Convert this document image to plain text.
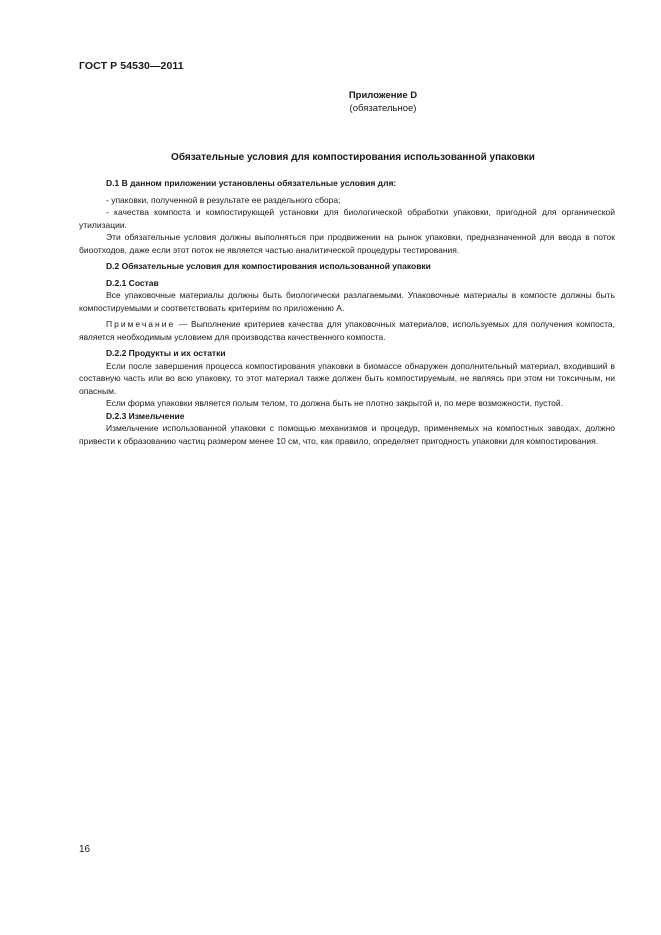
ГОСТ Р 54530—2011
Приложение D
(обязательное)
Обязательные условия для компостирования использованной упаковки

D.1 В данном приложении установлены обязательные условия для:

- упаковки, полученной в результате ее раздельного сбора;

- качества компоста и компостирующей установки для биологической обработки упаковки, пригодной для органической утилизации.

Эти обязательные условия должны выполняться при продвижении на рынок упаковки, предназначенной для ввода в поток биоотходов, даже если этот поток не является частью аналитической процедуры тестирования.

D.2 Обязательные условия для компостирования использованной упаковки

D.2.1 Состав

Все упаковочные материалы должны быть биологически разлагаемыми. Упаковочные материалы в компосте должны быть компостируемыми и соответствовать критериям по приложению А.

Примечание — Выполнение критериев качества для упаковочных материалов, используемых для получения компоста, является необходимым условием для производства качественного компоста.

D.2.2 Продукты и их остатки

Если после завершения процесса компостирования упаковки в биомассе обнаружен дополнительный материал, входивший в составную часть или во всю упаковку, то этот материал также должен быть компостируемым, не являясь при этом ни токсичным, ни опасным.

Если форма упаковки является полым телом, то должна быть не плотно закрытой и, по мере возможности, пустой.

D.2.3 Измельчение

Измельчение использованной упаковки с помощью механизмов и процедур, применяемых на компостных заводах, должно привести к образованию частиц размером менее 10 см, что, как правило, определяет пригодность упаковки для компостирования.

16
